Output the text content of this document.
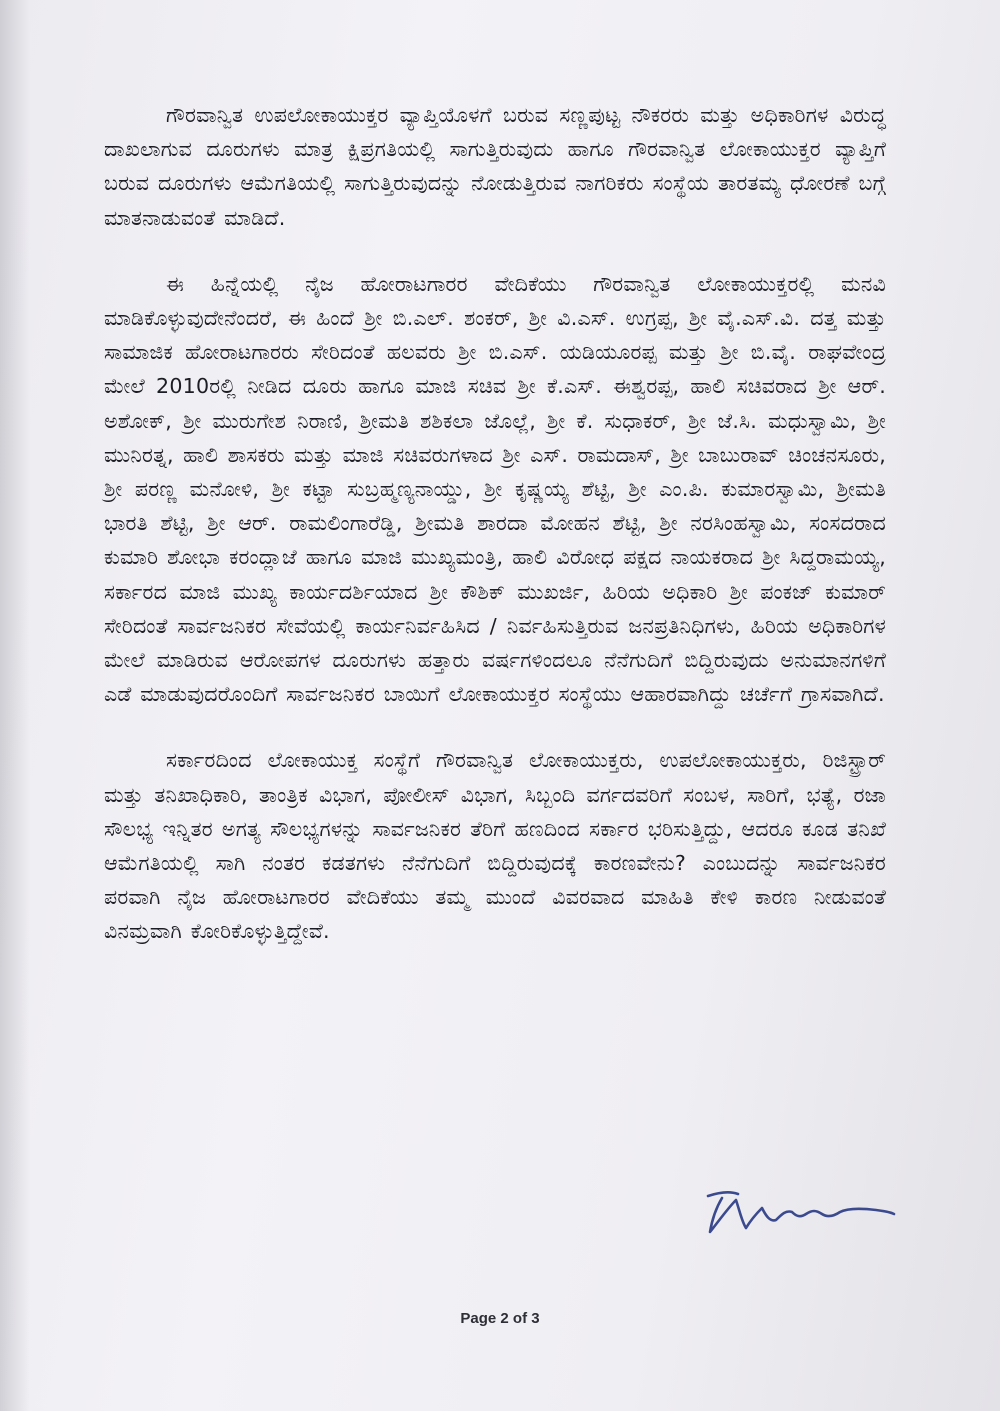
ಗೌರವಾನ್ವಿತ ಉಪಲೋಕಾಯುಕ್ತರ ವ್ಯಾಪ್ತಿಯೊಳಗೆ ಬರುವ ಸಣ್ಣಪುಟ್ಟ ನೌಕರರು ಮತ್ತು ಅಧಿಕಾರಿಗಳ ವಿರುದ್ಧ ದಾಖಲಾಗುವ ದೂರುಗಳು ಮಾತ್ರ ಕ್ಷಿಪ್ರಗತಿಯಲ್ಲಿ ಸಾಗುತ್ತಿರುವುದು ಹಾಗೂ ಗೌರವಾನ್ವಿತ ಲೋಕಾಯುಕ್ತರ ವ್ಯಾಪ್ತಿಗೆ ಬರುವ ದೂರುಗಳು ಆಮೆಗತಿಯಲ್ಲಿ ಸಾಗುತ್ತಿರುವುದನ್ನು ನೋಡುತ್ತಿರುವ ನಾಗರಿಕರು ಸಂಸ್ಥೆಯ ತಾರತಮ್ಯ ಧೋರಣೆ ಬಗ್ಗೆ ಮಾತನಾಡುವಂತೆ ಮಾಡಿದೆ.

ಈ ಹಿನ್ನೆಯಲ್ಲಿ ನೈಜ ಹೋರಾಟಗಾರರ ವೇದಿಕೆಯು ಗೌರವಾನ್ವಿತ ಲೋಕಾಯುಕ್ತರಲ್ಲಿ ಮನವಿ ಮಾಡಿಕೊಳ್ಳುವುದೇನೆಂದರೆ, ಈ ಹಿಂದೆ ಶ್ರೀ ಬಿ.ಎಲ್. ಶಂಕರ್, ಶ್ರೀ ವಿ.ಎಸ್. ಉಗ್ರಪ್ಪ, ಶ್ರೀ ವೈ.ಎಸ್.ವಿ. ದತ್ತ ಮತ್ತು ಸಾಮಾಜಿಕ ಹೋರಾಟಗಾರರು ಸೇರಿದಂತೆ ಹಲವರು ಶ್ರೀ ಬಿ.ಎಸ್. ಯಡಿಯೂರಪ್ಪ ಮತ್ತು ಶ್ರೀ ಬಿ.ವೈ. ರಾಘವೇಂದ್ರ ಮೇಲೆ 2010ರಲ್ಲಿ ನೀಡಿದ ದೂರು ಹಾಗೂ ಮಾಜಿ ಸಚಿವ ಶ್ರೀ ಕೆ.ಎಸ್. ಈಶ್ವರಪ್ಪ, ಹಾಲಿ ಸಚಿವರಾದ ಶ್ರೀ ಆರ್. ಅಶೋಕ್, ಶ್ರೀ ಮುರುಗೇಶ ನಿರಾಣಿ, ಶ್ರೀಮತಿ ಶಶಿಕಲಾ ಜೊಲ್ಲೆ, ಶ್ರೀ ಕೆ. ಸುಧಾಕರ್, ಶ್ರೀ ಜೆ.ಸಿ. ಮಧುಸ್ವಾಮಿ, ಶ್ರೀ ಮುನಿರತ್ನ, ಹಾಲಿ ಶಾಸಕರು ಮತ್ತು ಮಾಜಿ ಸಚಿವರುಗಳಾದ ಶ್ರೀ ಎಸ್. ರಾಮದಾಸ್, ಶ್ರೀ ಬಾಬುರಾವ್ ಚಿಂಚನಸೂರು, ಶ್ರೀ ಪರಣ್ಣ ಮನೋಳಿ, ಶ್ರೀ ಕಟ್ಟಾ ಸುಬ್ರಹ್ಮಣ್ಯನಾಯ್ಡು, ಶ್ರೀ ಕೃಷ್ಣಯ್ಯ ಶೆಟ್ಟಿ, ಶ್ರೀ ಎಂ.ಪಿ. ಕುಮಾರಸ್ವಾಮಿ, ಶ್ರೀಮತಿ ಭಾರತಿ ಶೆಟ್ಟಿ, ಶ್ರೀ ಆರ್. ರಾಮಲಿಂಗಾರೆಡ್ಡಿ, ಶ್ರೀಮತಿ ಶಾರದಾ ಮೋಹನ ಶೆಟ್ಟಿ, ಶ್ರೀ ನರಸಿಂಹಸ್ವಾಮಿ, ಸಂಸದರಾದ ಕುಮಾರಿ ಶೋಭಾ ಕರಂದ್ಲಾಜೆ ಹಾಗೂ ಮಾಜಿ ಮುಖ್ಯಮಂತ್ರಿ, ಹಾಲಿ ವಿರೋಧ ಪಕ್ಷದ ನಾಯಕರಾದ ಶ್ರೀ ಸಿದ್ದರಾಮಯ್ಯ, ಸರ್ಕಾರದ ಮಾಜಿ ಮುಖ್ಯ ಕಾರ್ಯದರ್ಶಿಯಾದ ಶ್ರೀ ಕೌಶಿಕ್ ಮುಖರ್ಜಿ, ಹಿರಿಯ ಅಧಿಕಾರಿ ಶ್ರೀ ಪಂಕಜ್ ಕುಮಾರ್ ಸೇರಿದಂತೆ ಸಾರ್ವಜನಿಕರ ಸೇವೆಯಲ್ಲಿ ಕಾರ್ಯನಿರ್ವಹಿಸಿದ / ನಿರ್ವಹಿಸುತ್ತಿರುವ ಜನಪ್ರತಿನಿಧಿಗಳು, ಹಿರಿಯ ಅಧಿಕಾರಿಗಳ ಮೇಲೆ ಮಾಡಿರುವ ಆರೋಪಗಳ ದೂರುಗಳು ಹತ್ತಾರು ವರ್ಷಗಳಿಂದಲೂ ನೆನೆಗುದಿಗೆ ಬಿದ್ದಿರುವುದು ಅನುಮಾನಗಳಿಗೆ ಎಡೆ ಮಾಡುವುದರೊಂದಿಗೆ ಸಾರ್ವಜನಿಕರ ಬಾಯಿಗೆ ಲೋಕಾಯುಕ್ತರ ಸಂಸ್ಥೆಯು ಆಹಾರವಾಗಿದ್ದು ಚರ್ಚೆಗೆ ಗ್ರಾಸವಾಗಿದೆ.

ಸರ್ಕಾರದಿಂದ ಲೋಕಾಯುಕ್ತ ಸಂಸ್ಥೆಗೆ ಗೌರವಾನ್ವಿತ ಲೋಕಾಯುಕ್ತರು, ಉಪಲೋಕಾಯುಕ್ತರು, ರಿಜಿಸ್ಟ್ರಾರ್ ಮತ್ತು ತನಿಖಾಧಿಕಾರಿ, ತಾಂತ್ರಿಕ ವಿಭಾಗ, ಪೋಲೀಸ್ ವಿಭಾಗ, ಸಿಬ್ಬಂದಿ ವರ್ಗದವರಿಗೆ ಸಂಬಳ, ಸಾರಿಗೆ, ಭತ್ಯೆ, ರಜಾ ಸೌಲಭ್ಯ ಇನ್ನಿತರ ಅಗತ್ಯ ಸೌಲಭ್ಯಗಳನ್ನು ಸಾರ್ವಜನಿಕರ ತೆರಿಗೆ ಹಣದಿಂದ ಸರ್ಕಾರ ಭರಿಸುತ್ತಿದ್ದು, ಆದರೂ ಕೂಡ ತನಿಖೆ ಆಮೆಗತಿಯಲ್ಲಿ ಸಾಗಿ ನಂತರ ಕಡತಗಳು ನೆನೆಗುದಿಗೆ ಬಿದ್ದಿರುವುದಕ್ಕೆ ಕಾರಣವೇನು? ಎಂಬುದನ್ನು ಸಾರ್ವಜನಿಕರ ಪರವಾಗಿ ನೈಜ ಹೋರಾಟಗಾರರ ವೇದಿಕೆಯು ತಮ್ಮ ಮುಂದೆ ವಿವರವಾದ ಮಾಹಿತಿ ಕೇಳಿ ಕಾರಣ ನೀಡುವಂತೆ ವಿನಮ್ರವಾಗಿ ಕೋರಿಕೊಳ್ಳುತ್ತಿದ್ದೇವೆ.

Page 2 of 3
